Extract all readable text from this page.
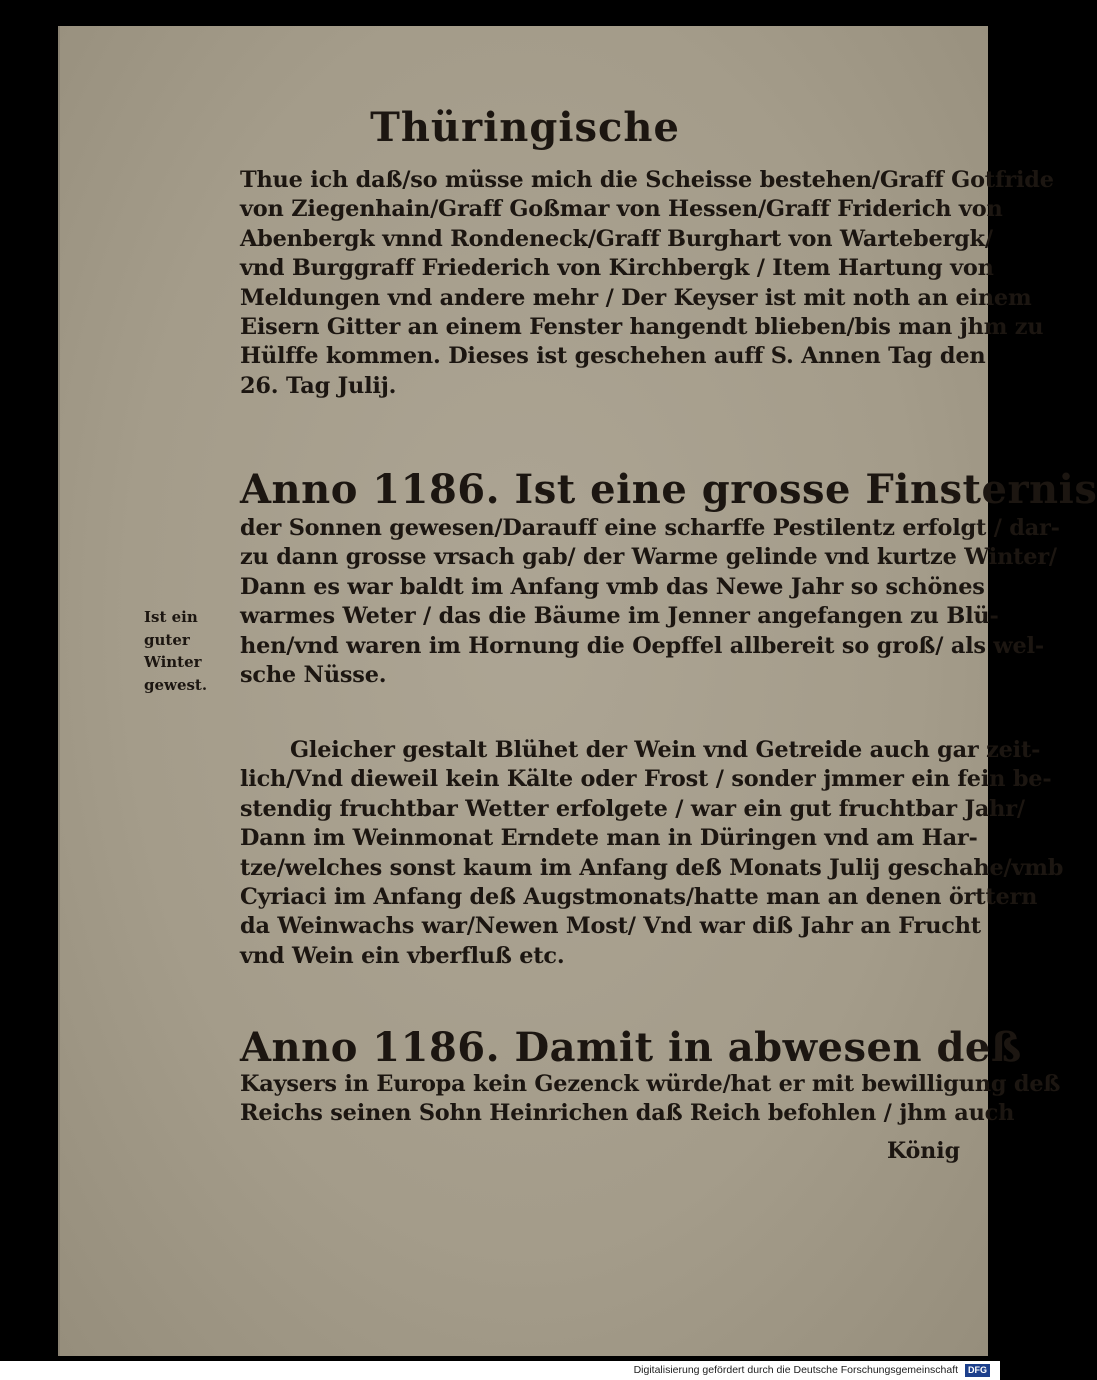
Thüringische
Thue ich daß/so müsse mich die Scheisse bestehen/Graff Gotfride
von Ziegenhain/Graff Goßmar von Hessen/Graff Friderich von
Abenbergk vnnd Rondeneck/Graff Burghart von Wartebergk/
vnd Burggraff Friederich von Kirchbergk / Item Hartung von
Meldungen vnd andere mehr / Der Keyser ist mit noth an einem
Eisern Gitter an einem Fenster hangendt blieben/bis man jhm zu
Hülffe kommen. Dieses ist geschehen auff S. Annen Tag den
26. Tag Julij.
Anno 1186. Ist eine grosse Finsternis
der Sonnen gewesen/Darauff eine scharffe Pestilentz erfolgt / dar-
zu dann grosse vrsach gab/ der Warme gelinde vnd kurtze Winter/
Dann es war baldt im Anfang vmb das Newe Jahr so schönes
warmes Weter / das die Bäume im Jenner angefangen zu Blü-
hen/vnd waren im Hornung die Oepffel allbereit so groß/ als wel-
sche Nüsse.
Ist ein
guter
Winter
gewest.
Gleicher gestalt Blühet der Wein vnd Getreide auch gar zeit-
lich/Vnd dieweil kein Kälte oder Frost / sonder jmmer ein fein be-
stendig fruchtbar Wetter erfolgete / war ein gut fruchtbar Jahr/
Dann im Weinmonat Erndete man in Düringen vnd am Har-
tze/welches sonst kaum im Anfang deß Monats Julij geschahe/vmb
Cyriaci im Anfang deß Augstmonats/hatte man an denen örttern
da Weinwachs war/Newen Most/ Vnd war diß Jahr an Frucht
vnd Wein ein vberfluß etc.
Anno 1186. Damit in abwesen deß
Kaysers in Europa kein Gezenck würde/hat er mit bewilligung deß
Reichs seinen Sohn Heinrichen daß Reich befohlen / jhm auch
König
Digitalisierung gefördert durch die Deutsche Forschungsgemeinschaft DFG
